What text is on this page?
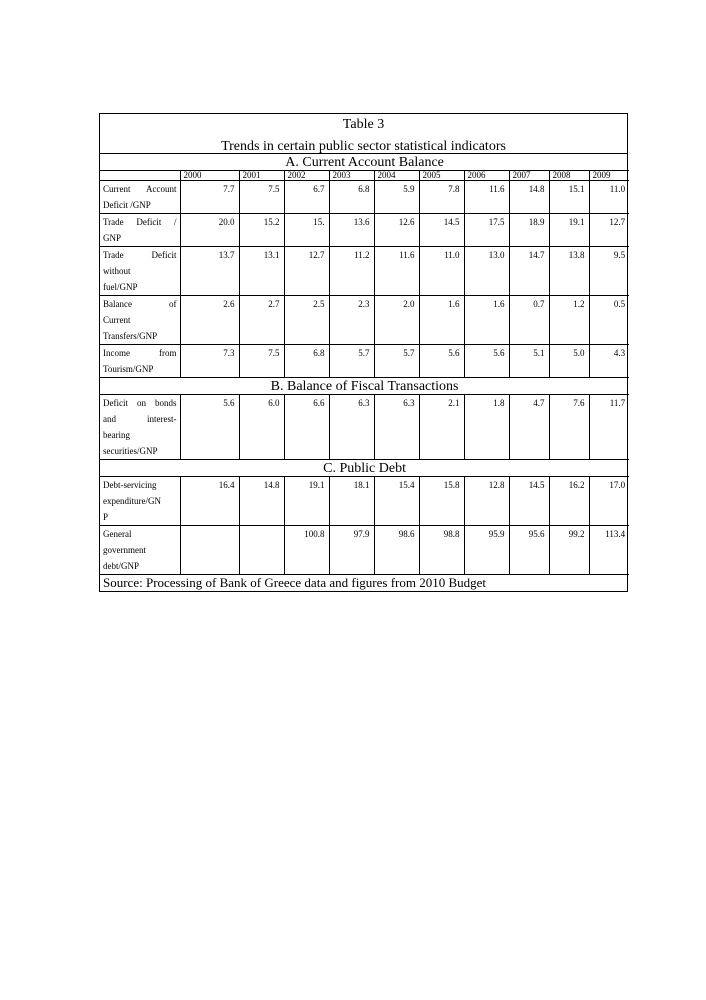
Table 3
Trends in certain public sector statistical indicators
A. Current Account Balance										
	2000	2001	2002	2003	2004	2005	2006	2007	2008	2009

Current Account
Deficit /GNP	7.7	7.5	6.7	6.8	5.9	7.8	11.6	14.8	15.1	11.0

Trade Deficit /
GNP	20.0	15.2	15.	13.6	12.6	14.5	17.5	18.9	19.1	12.7

Trade Deficit
without
fuel/GNP	13.7	13.1	12.7	11.2	11.6	11.0	13.0	14.7	13.8	9.5

Balance of
Current
Transfers/GNP	2.6	2.7	2.5	2.3	2.0	1.6	1.6	0.7	1.2	0.5

Income from
Tourism/GNP	7.3	7.5	6.8	5.7	5.7	5.6	5.6	5.1	5.0	4.3
B. Balance of Fiscal Transactions										

Deficit on bonds
and interest-
bearing
securities/GNP	5.6	6.0	6.6	6.3	6.3	2.1	1.8	4.7	7.6	11.7
C. Public Debt										

Debt-servicing
expenditure/GN
P	16.4	14.8	19.1	18.1	15.4	15.8	12.8	14.5	16.2	17.0

General
government
debt/GNP			100.8	97.9	98.6	98.8	95.9	95.6	99.2	113.4
Source: Processing of Bank of Greece data and figures from 2010 Budget										
